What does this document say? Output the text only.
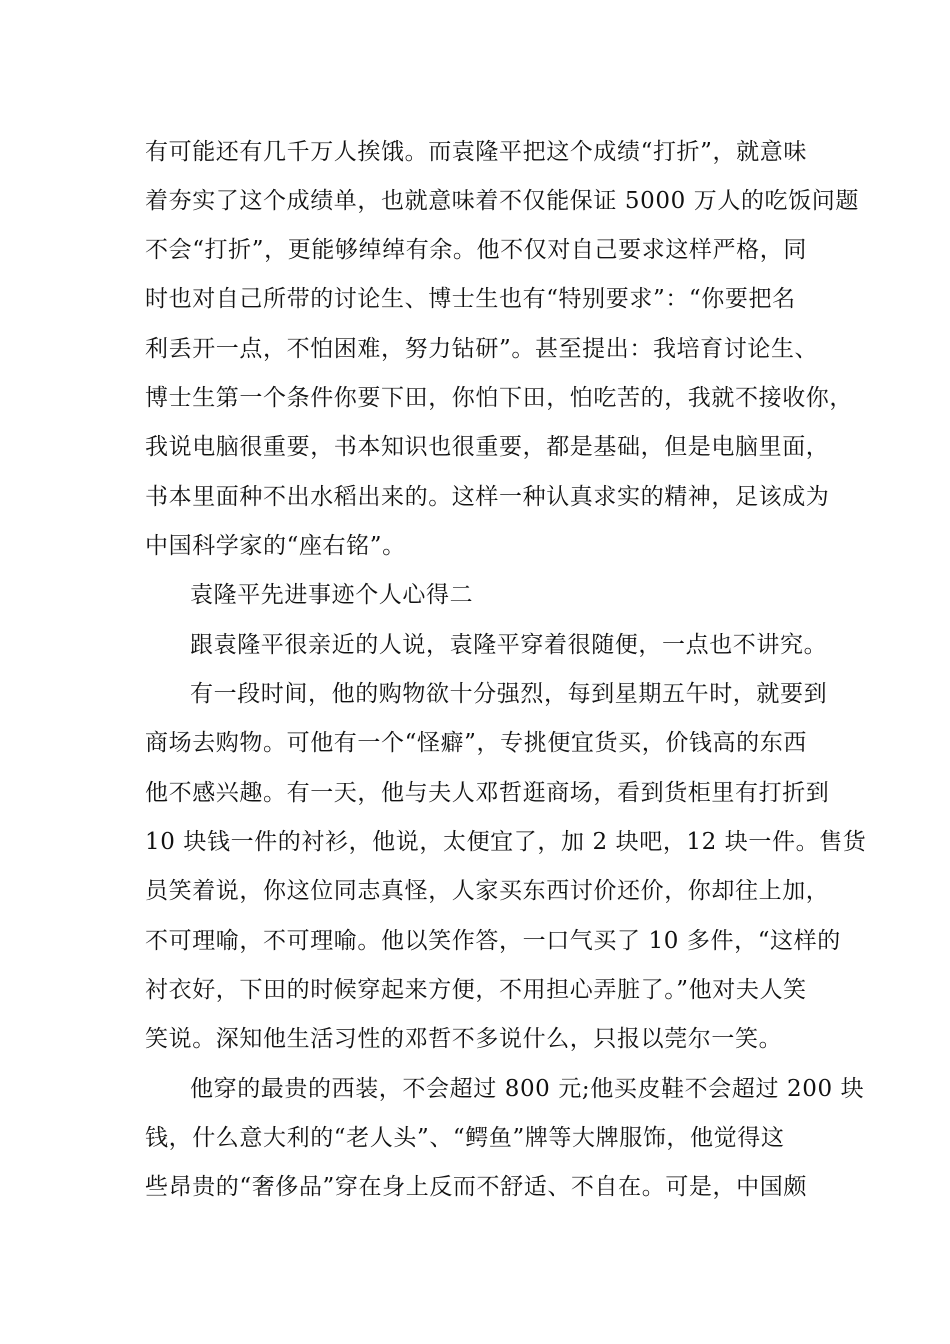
有可能还有几千万人挨饿。而袁隆平把这个成绩“打折”，就意味
着夯实了这个成绩单，也就意味着不仅能保证 5000 万人的吃饭问题
不会“打折”，更能够绰绰有余。他不仅对自己要求这样严格，同
时也对自己所带的讨论生、博士生也有“特别要求”：“你要把名
利丢开一点，不怕困难，努力钻研”。甚至提出：我培育讨论生、
博士生第一个条件你要下田，你怕下田，怕吃苦的，我就不接收你，
我说电脑很重要，书本知识也很重要，都是基础，但是电脑里面，
书本里面种不出水稻出来的。这样一种认真求实的精神，足该成为
中国科学家的“座右铭”。
袁隆平先进事迹个人心得二
跟袁隆平很亲近的人说，袁隆平穿着很随便，一点也不讲究。
有一段时间，他的购物欲十分强烈，每到星期五午时，就要到
商场去购物。可他有一个“怪癖”，专挑便宜货买，价钱高的东西
他不感兴趣。有一天，他与夫人邓哲逛商场，看到货柜里有打折到
10 块钱一件的衬衫，他说，太便宜了，加 2 块吧，12 块一件。售货
员笑着说，你这位同志真怪，人家买东西讨价还价，你却往上加，
不可理喻，不可理喻。他以笑作答，一口气买了 10 多件，“这样的
衬衣好，下田的时候穿起来方便，不用担心弄脏了。”他对夫人笑
笑说。深知他生活习性的邓哲不多说什么，只报以莞尔一笑。
他穿的最贵的西装，不会超过 800 元;他买皮鞋不会超过 200 块
钱，什么意大利的“老人头”、“鳄鱼”牌等大牌服饰，他觉得这
些昂贵的“奢侈品”穿在身上反而不舒适、不自在。可是，中国颇
